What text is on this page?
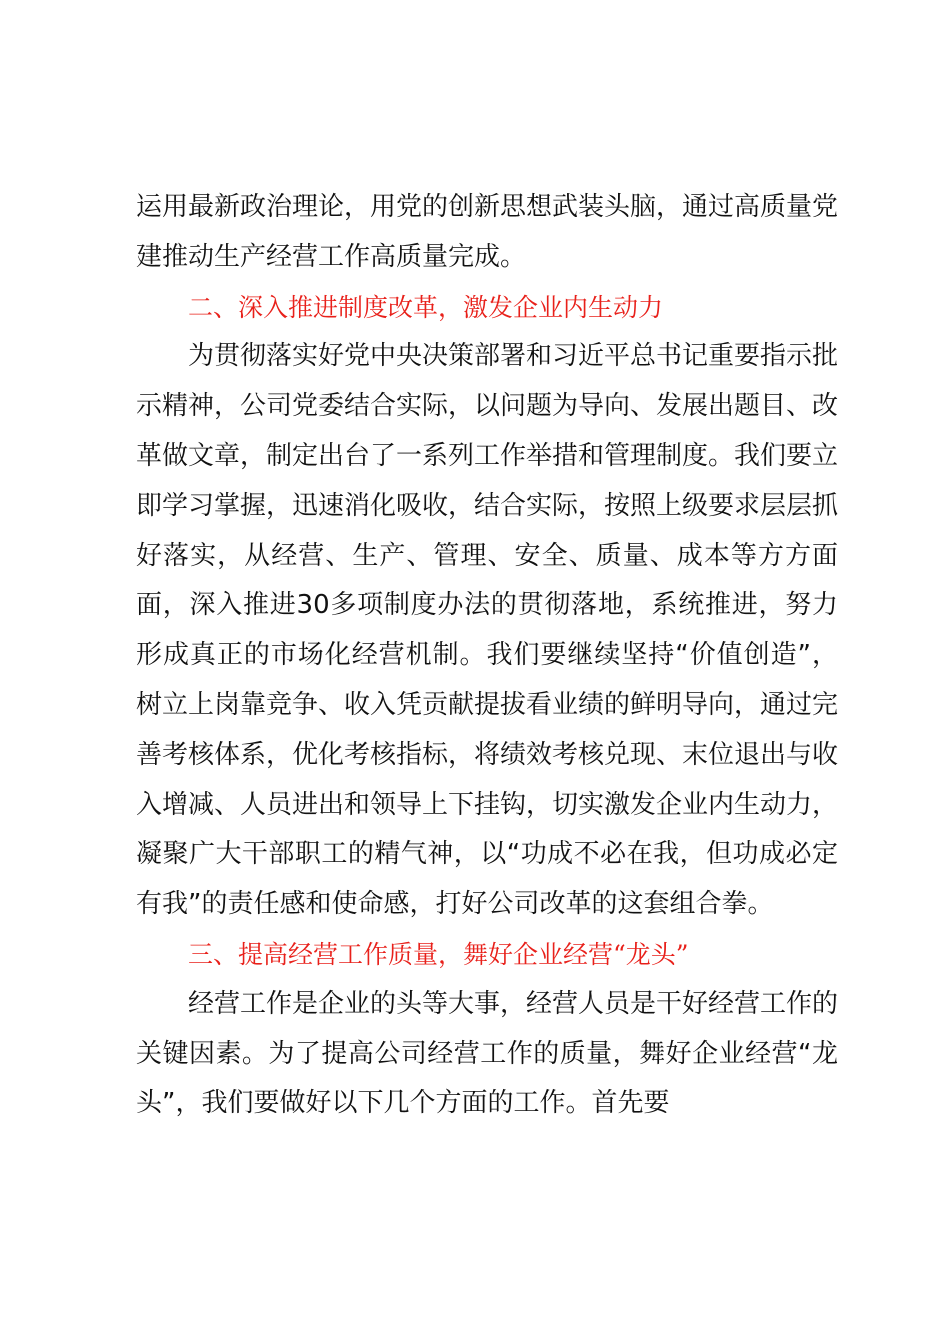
运用最新政治理论，用党的创新思想武装头脑，通过高质量党建推动生产经营工作高质量完成。

二、深入推进制度改革，激发企业内生动力

为贯彻落实好党中央决策部署和习近平总书记重要指示批示精神，公司党委结合实际，以问题为导向、发展出题目、改革做文章，制定出台了一系列工作举措和管理制度。我们要立即学习掌握，迅速消化吸收，结合实际，按照上级要求层层抓好落实，从经营、生产、管理、安全、质量、成本等方方面面，深入推进30多项制度办法的贯彻落地，系统推进，努力形成真正的市场化经营机制。我们要继续坚持“价值创造”，树立上岗靠竞争、收入凭贡献提拔看业绩的鲜明导向，通过完善考核体系，优化考核指标，将绩效考核兑现、末位退出与收入增减、人员进出和领导上下挂钩，切实激发企业内生动力，凝聚广大干部职工的精气神，以“功成不必在我，但功成必定有我”的责任感和使命感，打好公司改革的这套组合拳。

三、提高经营工作质量，舞好企业经营“龙头”

经营工作是企业的头等大事，经营人员是干好经营工作的关键因素。为了提高公司经营工作的质量，舞好企业经营“龙头”，我们要做好以下几个方面的工作。首先要
